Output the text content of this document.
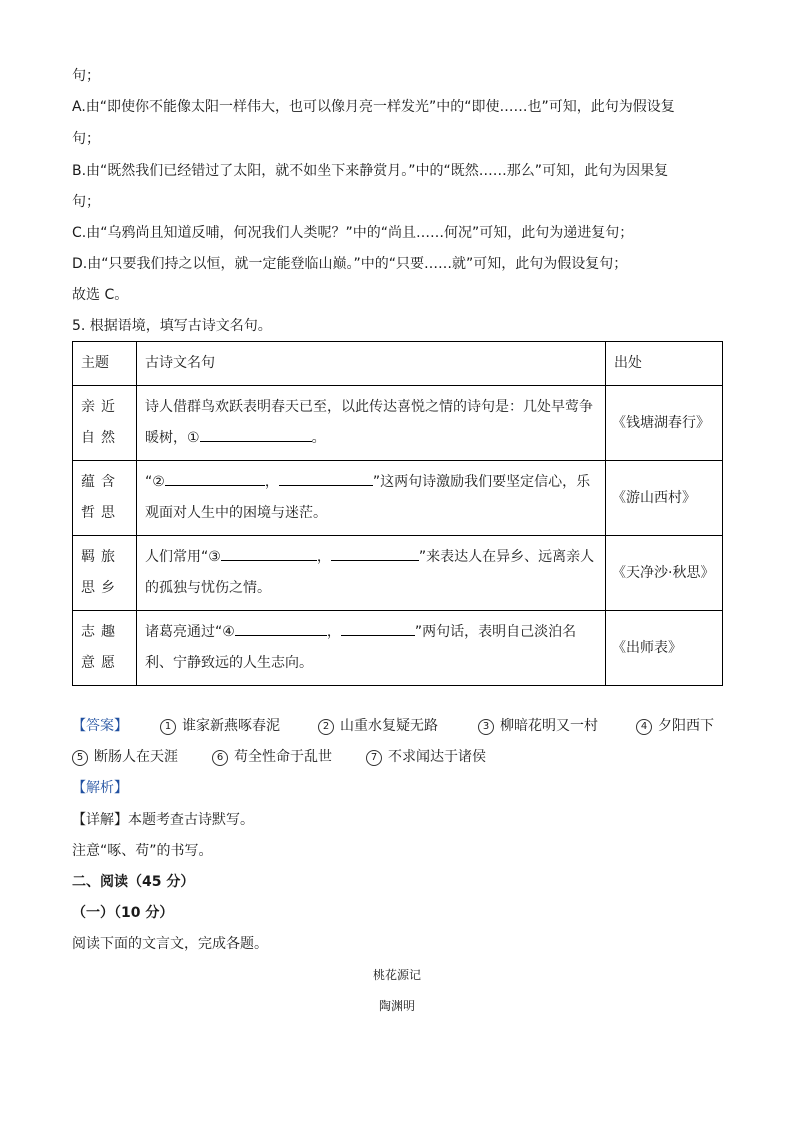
句；
A.由“即使你不能像太阳一样伟大，也可以像月亮一样发光”中的“即使……也”可知，此句为假设复
句；
B.由“既然我们已经错过了太阳，就不如坐下来静赏月。”中的“既然……那么”可知，此句为因果复
句；
C.由“乌鸦尚且知道反哺，何况我们人类呢？”中的“尚且……何况”可知，此句为递进复句；
D.由“只要我们持之以恒，就一定能登临山巅。”中的“只要……就”可知，此句为假设复句；
故选 C。
5. 根据语境，填写古诗文名句。
主题	古诗文名句	出处
亲近自然	诗人借群鸟欢跃表明春天已至，以此传达喜悦之情的诗句是：几处早莺争暖树，① 。	《钱塘湖春行》
蕴含哲思	“② ， ”这两句诗激励我们要坚定信心，乐观面对人生中的困境与迷茫。	《游山西村》
羁旅思乡	人们常用“③ ， ”来表达人在异乡、远离亲人的孤独与忧伤之情。	《天净沙·秋思》
志趣意愿	诸葛亮通过“④ ， ”两句话，表明自己淡泊名利、宁静致远的人生志向。	《出师表》
【答案】	1 谁家新燕啄春泥	2 山重水复疑无路	3 柳暗花明又一村	4 夕阳西下
5 断肠人在天涯	6 苟全性命于乱世	7 不求闻达于诸侯
【解析】
【详解】本题考查古诗默写。
注意“啄、苟”的书写。
二、阅读（45 分）
（一）（10 分）
阅读下面的文言文，完成各题。
桃花源记
陶渊明
